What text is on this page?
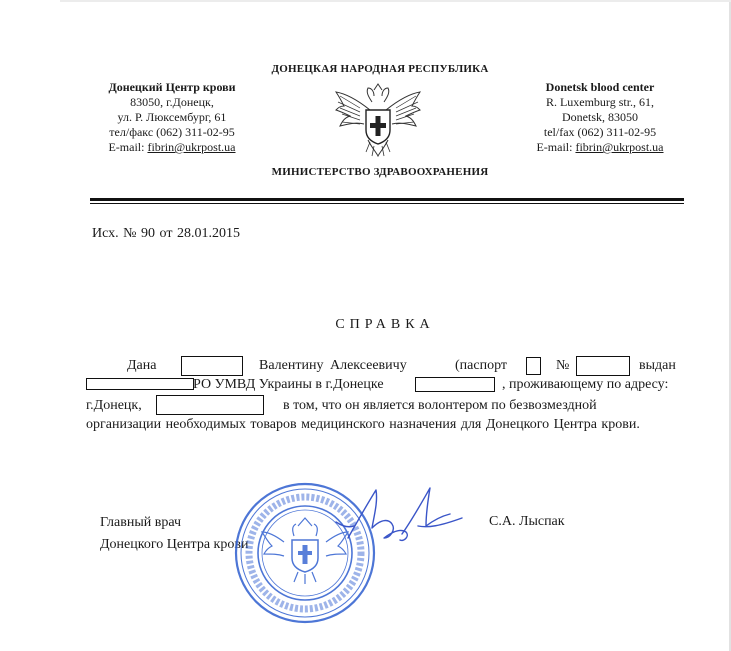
Донецкий Центр крови
83050, г.Донецк,
ул. Р. Люксембург, 61
тел/факс (062) 311-02-95
E-mail: fibrin@ukrpost.ua
ДОНЕЦКАЯ НАРОДНАЯ РЕСПУБЛИКА
МИНИСТЕРСТВО ЗДРАВООХРАНЕНИЯ
Donetsk blood center
R. Luxemburg str., 61,
Donetsk, 83050
tel/fax (062) 311-02-95
E-mail: fibrin@ukrpost.ua
Исх. № 90 от 28.01.2015
СПРАВКА
Дана	Валентину Алексеевичу	(паспорт	№	выдан
РО УМВД Украины в г.Донецке	, проживающему по адресу:
г.Донецк,	в том, что он является волонтером по безвозмездной
организации необходимых товаров медицинского назначения для Донецкого Центра крови.
Главный врач
Донецкого Центра крови
С.А. Лыспак
